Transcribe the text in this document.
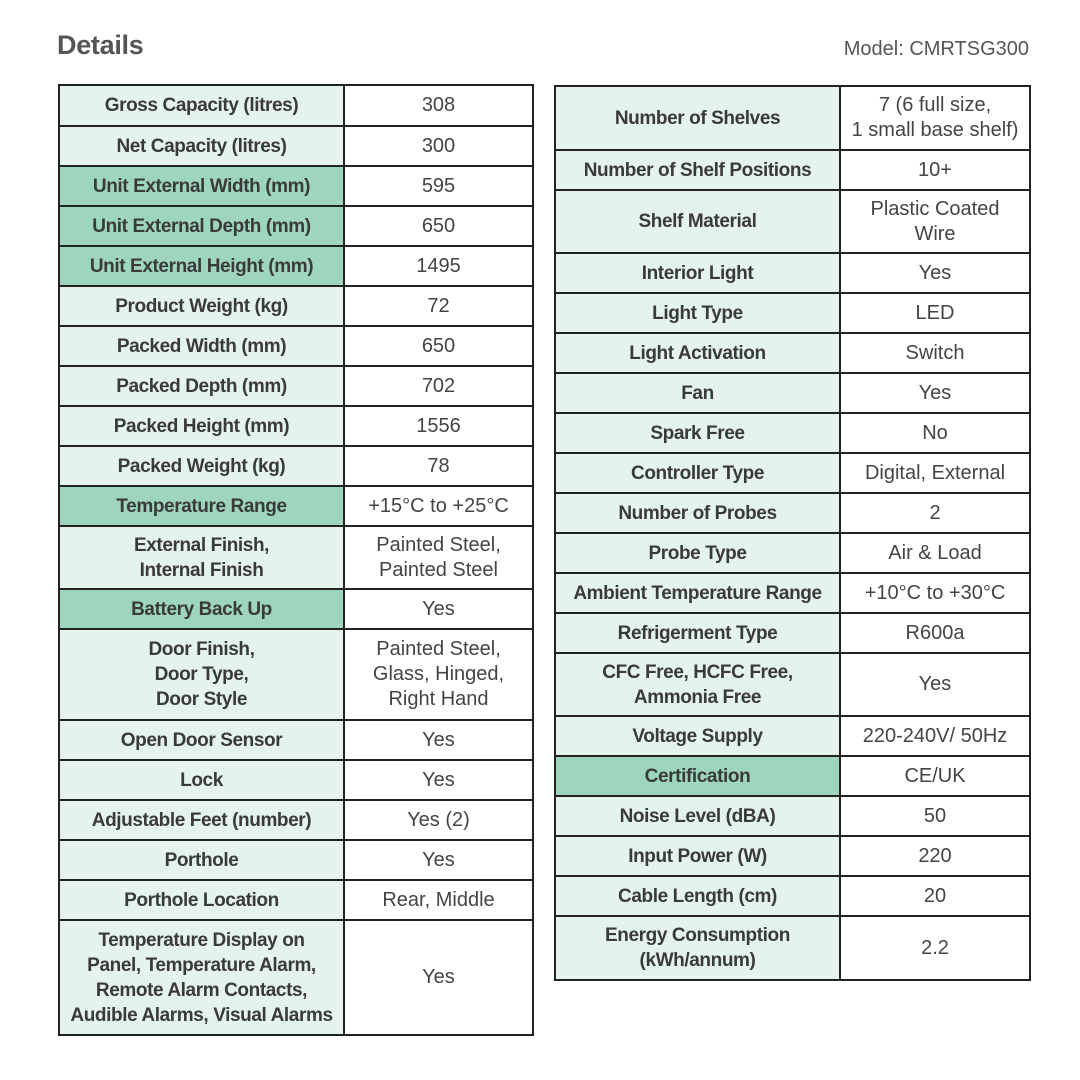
Details	Model: CMRTSG300
Gross Capacity (litres)	308
Net Capacity (litres)	300
Unit External Width (mm)	595
Unit External Depth (mm)	650
Unit External Height (mm)	1495
Product Weight (kg)	72
Packed Width (mm)	650
Packed Depth (mm)	702
Packed Height (mm)	1556
Packed Weight (kg)	78
Temperature Range	+15°C to +25°C
External Finish,
Internal Finish	Painted Steel,
Painted Steel
Battery Back Up	Yes
Door Finish,
Door Type,
Door Style	Painted Steel,
Glass, Hinged,
Right Hand
Open Door Sensor	Yes
Lock	Yes
Adjustable Feet (number)	Yes (2)
Porthole	Yes
Porthole Location	Rear, Middle
Temperature Display on
Panel, Temperature Alarm,
Remote Alarm Contacts,
Audible Alarms, Visual Alarms	Yes
Number of Shelves	7 (6 full size,
1 small base shelf)
Number of Shelf Positions	10+
Shelf Material	Plastic Coated
Wire
Interior Light	Yes
Light Type	LED
Light Activation	Switch
Fan	Yes
Spark Free	No
Controller Type	Digital, External
Number of Probes	2
Probe Type	Air & Load
Ambient Temperature Range	+10°C to +30°C
Refrigerment Type	R600a
CFC Free, HCFC Free,
Ammonia Free	Yes
Voltage Supply	220-240V/ 50Hz
Certification	CE/UK
Noise Level (dBA)	50
Input Power (W)	220
Cable Length (cm)	20
Energy Consumption
(kWh/annum)	2.2
